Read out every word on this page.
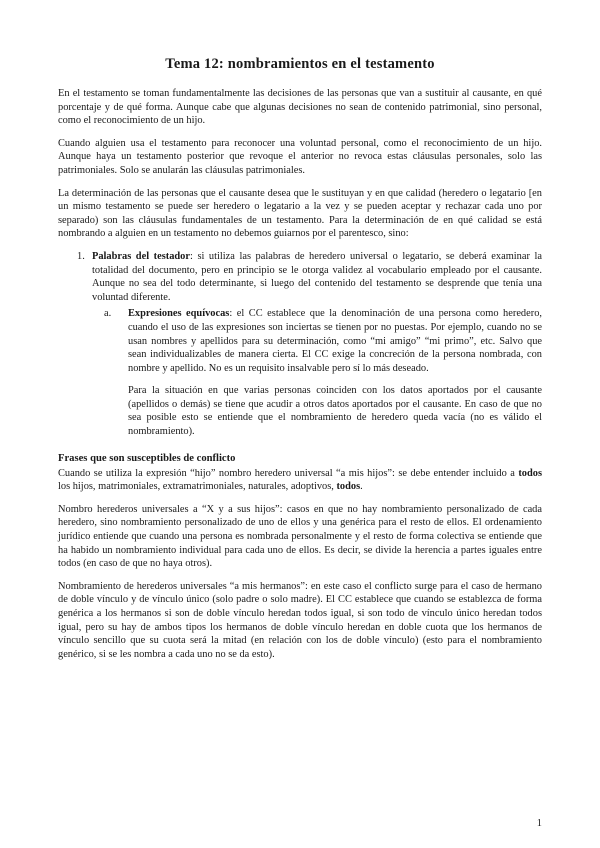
Tema 12: nombramientos en el testamento

En el testamento se toman fundamentalmente las decisiones de las personas que van a sustituir al causante, en qué porcentaje y de qué forma. Aunque cabe que algunas decisiones no sean de contenido patrimonial, sino personal, como el reconocimiento de un hijo.

Cuando alguien usa el testamento para reconocer una voluntad personal, como el reconocimiento de un hijo. Aunque haya un testamento posterior que revoque el anterior no revoca estas cláusulas personales, solo las patrimoniales. Solo se anularán las cláusulas patrimoniales.

La determinación de las personas que el causante desea que le sustituyan y en que calidad (heredero o legatario [en un mismo testamento se puede ser heredero o legatario a la vez y se pueden aceptar y rechazar cada uno por separado) son las cláusulas fundamentales de un testamento. Para la determinación de en qué calidad se está nombrando a alguien en un testamento no debemos guiarnos por el parentesco, sino:

1. Palabras del testador: si utiliza las palabras de heredero universal o legatario, se deberá examinar la totalidad del documento, pero en principio se le otorga validez al vocabulario empleado por el causante. Aunque no sea del todo determinante, si luego del contenido del testamento se desprende que tenía una voluntad diferente.

a. Expresiones equívocas: el CC establece que la denominación de una persona como heredero, cuando el uso de las expresiones son inciertas se tienen por no puestas. Por ejemplo, cuando no se usan nombres y apellidos para su determinación, como “mi amigo” “mi primo”, etc. Salvo que sean individualizables de manera cierta. El CC exige la concreción de la persona nombrada, con nombre y apellido. No es un requisito insalvable pero sí lo más deseado.

Para la situación en que varias personas coinciden con los datos aportados por el causante (apellidos o demás) se tiene que acudir a otros datos aportados por el causante. En caso de que no sea posible esto se entiende que el nombramiento de heredero queda vacía (no es válido el nombramiento).

Frases que son susceptibles de conflicto

Cuando se utiliza la expresión “hijo” nombro heredero universal “a mis hijos”: se debe entender incluido a todos los hijos, matrimoniales, extramatrimoniales, naturales, adoptivos, todos.

Nombro herederos universales a “X y a sus hijos”: casos en que no hay nombramiento personalizado de cada heredero, sino nombramiento personalizado de uno de ellos y una genérica para el resto de ellos. El ordenamiento jurídico entiende que cuando una persona es nombrada personalmente y el resto de forma colectiva se entiende que ha habido un nombramiento individual para cada uno de ellos. Es decir, se divide la herencia a partes iguales entre todos (en caso de que no haya otros).

Nombramiento de herederos universales “a mis hermanos”: en este caso el conflicto surge para el caso de hermano de doble vínculo y de vínculo único (solo padre o solo madre). El CC establece que cuando se establezca de forma genérica a los hermanos si son de doble vínculo heredan todos igual, si son todo de vínculo único heredan todos igual, pero su hay de ambos tipos los hermanos de doble vínculo heredan en doble cuota que los hermanos de vínculo sencillo que su cuota será la mitad (en relación con los de doble vínculo) (esto para el nombramiento genérico, si se les nombra a cada uno no se da esto).

1
